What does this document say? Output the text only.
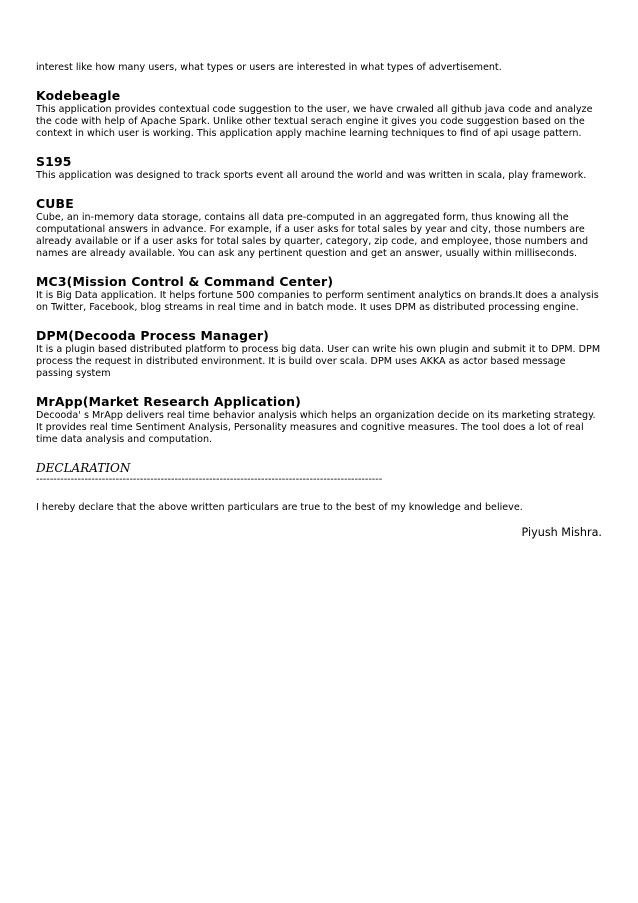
interest like how many users, what types or users are interested in what types of advertisement.

Kodebeagle

This application provides contextual code suggestion to the user, we have crwaled all github java code and analyze the code with help of Apache Spark. Unlike other textual serach engine it gives you code suggestion based on the context in which user is working. This application apply machine learning techniques to find of api usage pattern.

S195

This application was designed to track sports event all around the world and was written in scala, play framework.

CUBE

Cube, an in-memory data storage, contains all data pre-computed in an aggregated form, thus knowing all the computational answers in advance. For example, if a user asks for total sales by year and city, those numbers are already available or if a user asks for total sales by quarter, category, zip code, and employee, those numbers and names are already available. You can ask any pertinent question and get an answer, usually within milliseconds.

MC3(Mission Control & Command Center)

It is Big Data application. It helps fortune 500 companies to perform sentiment analytics on brands.It does a analysis on Twitter, Facebook, blog streams in real time and in batch mode. It uses DPM as distributed processing engine.

DPM(Decooda Process Manager)

It is a plugin based distributed platform to process big data. User can write his own plugin and submit it to DPM. DPM process the request in distributed environment. It is build over scala. DPM uses AKKA as actor based message passing system

MrApp(Market Research Application)

Decooda' s MrApp delivers real time behavior analysis which helps an organization decide on its marketing strategy. It provides real time Sentiment Analysis, Personality measures and cognitive measures. The tool does a lot of real time data analysis and computation.

DECLARATION

----------------------------------------------------------------------------------------------------

I hereby declare that the above written particulars are true to the best of my knowledge and believe.

Piyush Mishra.
